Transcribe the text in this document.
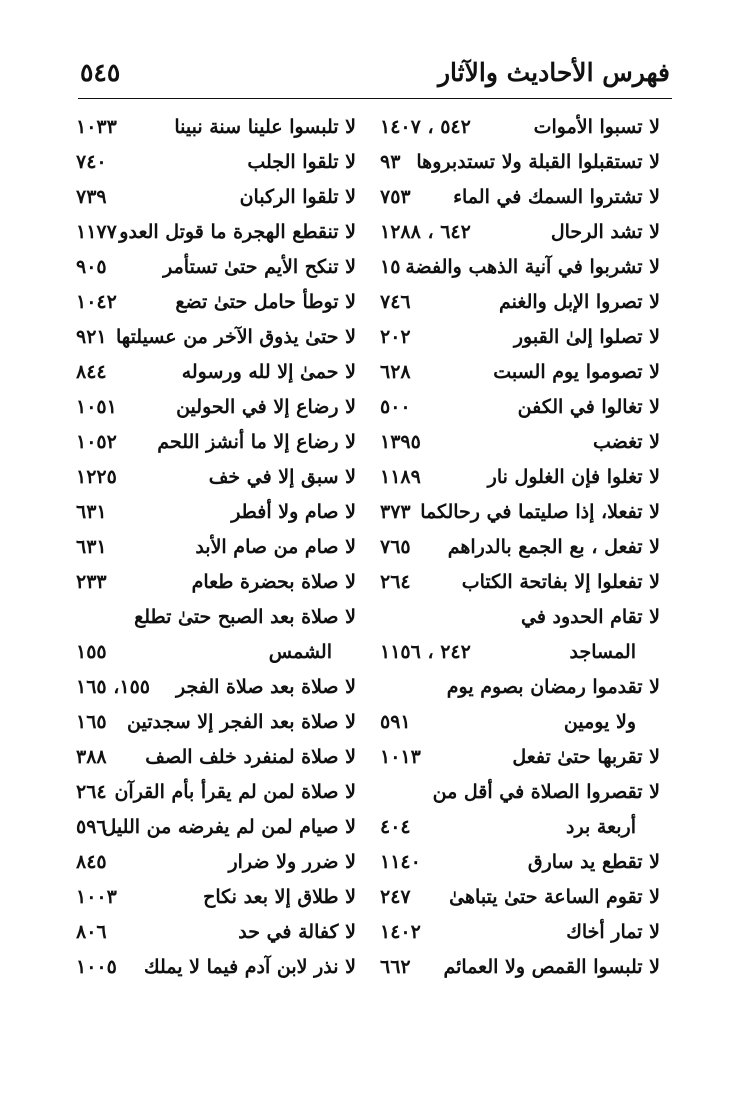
فهرس الأحاديث والآثار
٥٤٥
لا تسبوا الأموات
٥٤٢ ، ١٤٠٧
لا تستقبلوا القبلة ولا تستدبروها
٩٣
لا تشتروا السمك في الماء
٧٥٣
لا تشد الرحال
٦٤٢ ، ١٢٨٨
لا تشربوا في آنية الذهب والفضة
١٥
لا تصروا الإبل والغنم
٧٤٦
لا تصلوا إلىٰ القبور
٢٠٢
لا تصوموا يوم السبت
٦٢٨
لا تغالوا في الكفن
٥٠٠
لا تغضب
١٣٩٥
لا تغلوا فإن الغلول نار
١١٨٩
لا تفعلا، إذا صليتما في رحالكما
٣٧٣
لا تفعل ، بع الجمع بالدراهم
٧٦٥
لا تفعلوا إلا بفاتحة الكتاب
٢٦٤
لا تقام الحدود في
المساجد
٢٤٢ ، ١١٥٦
لا تقدموا رمضان بصوم يوم
ولا يومين
٥٩١
لا تقربها حتىٰ تفعل
١٠١٣
لا تقصروا الصلاة في أقل من
أربعة برد
٤٠٤
لا تقطع يد سارق
١١٤٠
لا تقوم الساعة حتىٰ يتباهىٰ
٢٤٧
لا تمار أخاك
١٤٠٢
لا تلبسوا القمص ولا العمائم
٦٦٢
لا تلبسوا علينا سنة نبينا
١٠٣٣
لا تلقوا الجلب
٧٤٠
لا تلقوا الركبان
٧٣٩
لا تنقطع الهجرة ما قوتل العدو
١١٧٧
لا تنكح الأيم حتىٰ تستأمر
٩٠٥
لا توطأ حامل حتىٰ تضع
١٠٤٢
لا حتىٰ يذوق الآخر من عسيلتها
٩٢١
لا حمىٰ إلا لله ورسوله
٨٤٤
لا رضاع إلا في الحولين
١٠٥١
لا رضاع إلا ما أنشز اللحم
١٠٥٢
لا سبق إلا في خف
١٢٢٥
لا صام ولا أفطر
٦٣١
لا صام من صام الأبد
٦٣١
لا صلاة بحضرة طعام
٢٣٣
لا صلاة بعد الصبح حتىٰ تطلع
الشمس
١٥٥
لا صلاة بعد صلاة الفجر
١٥٥، ١٦٥
لا صلاة بعد الفجر إلا سجدتين
١٦٥
لا صلاة لمنفرد خلف الصف
٣٨٨
لا صلاة لمن لم يقرأ بأم القرآن
٢٦٤
لا صيام لمن لم يفرضه من الليل
٥٩٦
لا ضرر ولا ضرار
٨٤٥
لا طلاق إلا بعد نكاح
١٠٠٣
لا كفالة في حد
٨٠٦
لا نذر لابن آدم فيما لا يملك
١٠٠٥
